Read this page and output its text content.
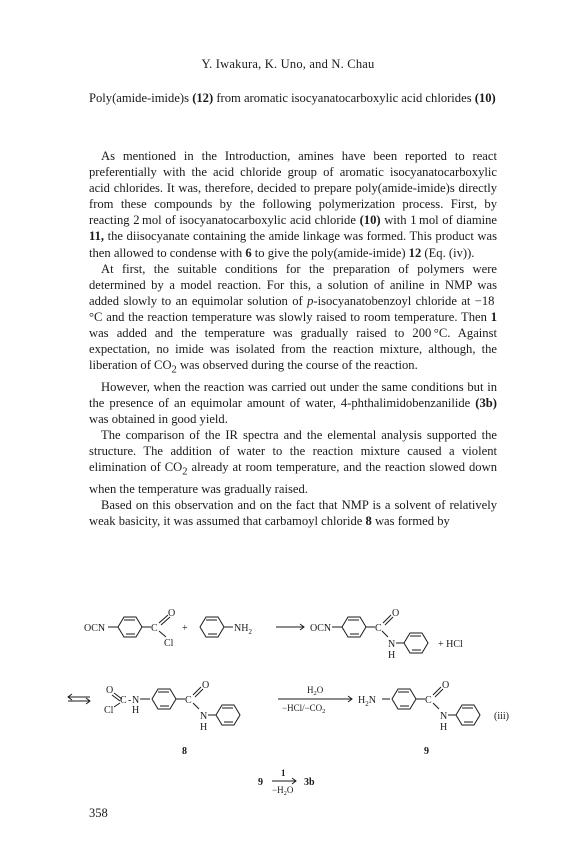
Y. Iwakura, K. Uno, and N. Chau

Poly(amide-imide)s (12) from aromatic isocyanatocarboxylic acid chlorides (10)

As mentioned in the Introduction, amines have been reported to react preferentially with the acid chloride group of aromatic isocyanatocarboxylic acid chlorides. It was, therefore, decided to prepare poly(amide-imide)s directly from these compounds by the following polymerization process. First, by reacting 2 mol of isocyanatocarboxylic acid chloride (10) with 1 mol of diamine 11, the diisocyanate containing the amide linkage was formed. This product was then allowed to condense with 6 to give the poly(amide-imide) 12 (Eq. (iv)).

At first, the suitable conditions for the preparation of polymers were determined by a model reaction. For this, a solution of aniline in NMP was added slowly to an equimolar solution of p-isocyanatobenzoyl chloride at −18 °C and the reaction temperature was slowly raised to room temperature. Then 1 was added and the temperature was gradually raised to 200 °C. Against expectation, no imide was isolated from the reaction mixture, although, the liberation of $CO_2$ was observed during the course of the reaction.

However, when the reaction was carried out under the same conditions but in the presence of an equimolar amount of water, 4-phthalimidobenzanilide (3b) was obtained in good yield.

The comparison of the IR spectra and the elemental analysis supported the structure. The addition of water to the reaction mixture caused a violent elimination of $CO_2$ already at room temperature, and the reaction slowed down when the temperature was gradually raised.

Based on this observation and on the fact that NMP is a solvent of relatively weak basicity, it was assumed that carbamoyl chloride 8 was formed by

OCN	C
O
Cl
+	$NH_2$	OCN	C
O
N
H
+ HCl
O
C - N
Cl H
C
O
N
H
$H_2O$
$-HCl/-CO_2$
$H_2N$	C
O
N
H
(iii)
8	9
9
1
$-H_2O$
3b
358
